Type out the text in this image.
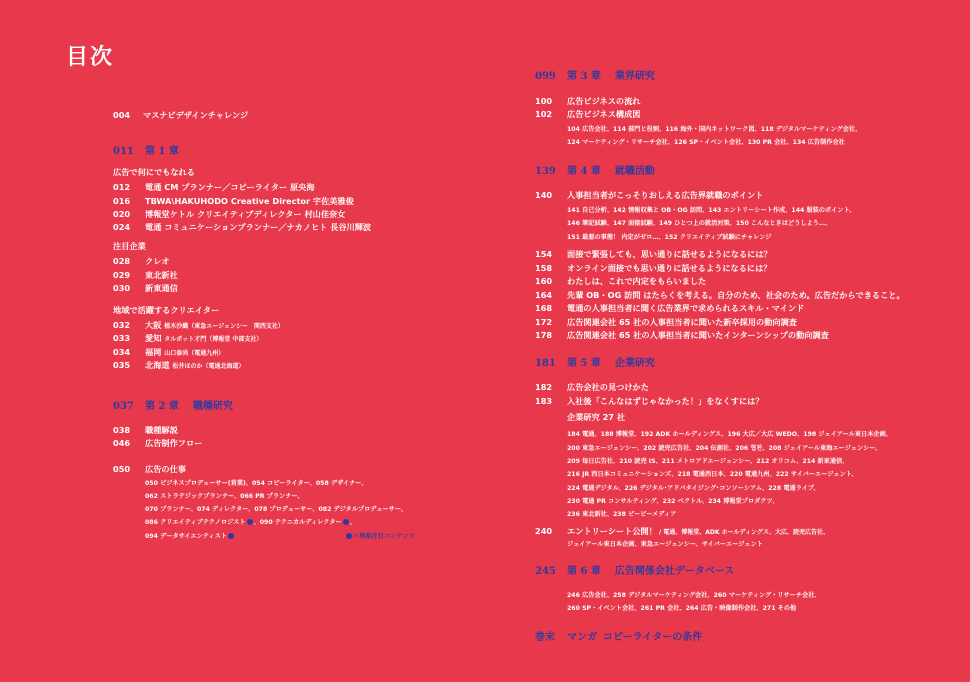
目次
004 マスナビデザインチャレンジ
011 第 1 章
広告で何にでもなれる
012 電通 CM プランナー／コピーライター 原央海
016 TBWA\HAKUHODO Creative Director 宇佐美雅俊
020 博報堂ケトル クリエイティブディレクター 村山佳奈女
024 電通 コミュニケーションプランナー／ナカノヒト 長谷川輝波
注目企業
028 クレオ
029 東北新社
030 新東通信
地域で活躍するクリエイター
032 大阪 植木沙織（東急エージェンシー　関西支社）
033 愛知 タルポット才門（博報堂 中部支社）
034 福岡 山口泰尚（電通九州）
035 北海道 松井ほのか（電通北海道）
037 第 2 章 職種研究
038 職種解説
046 広告制作フロー
050 広告の仕事
050 ビジネスプロデューサー(営業)、054 コピーライター、058 デザイナー、
062 ストラテジックプランナー、066 PR プランナー、
070 プランナー、074 ディレクター、078 プロデューサー、082 デジタルプロデューサー、
086 クリエイティブテクノロジスト 、090 テクニカルディレクター 、
094 データサイエンティスト	＝理系注目コンテンツ
099 第 3 章 業界研究
100 広告ビジネスの流れ
102 広告ビジネス構成図
104 広告会社、114 部門と役割、116 海外・国内ネットワーク図、118 デジタルマーケティング会社、
124 マーケティング・リサーチ会社、126 SP・イベント会社、130 PR 会社、134 広告制作会社
139 第 4 章 就職活動
140 人事担当者がこっそりおしえる広告界就職のポイント
141 自己分析、142 情報収集と OB・OG 訪問、143 エントリーシート作成、144 服装のポイント、
146 筆記試験、147 面接試験、149 ひとつ上の就活対策、150 こんなときはどうしよう…、
151 最悪の事態！ 内定がゼロ…、152 クリエイティブ試験にチャレンジ
154 面接で緊張しても、思い通りに話せるようになるには？
158 オンライン面接でも思い通りに話せるようになるには？
160 わたしは、これで内定をもらいました
164 先輩 OB・OG 訪問 はたらくを考える。自分のため、社会のため。広告だからできること。
168 電通の人事担当者に聞く広告業界で求められるスキル・マインド
172 広告関連会社 65 社の人事担当者に聞いた新卒採用の動向調査
178 広告関連会社 65 社の人事担当者に聞いたインターンシップの動向調査
181 第 5 章 企業研究
182 広告会社の見つけかた
183 入社後「こんなはずじゃなかった！」をなくすには？
企業研究 27 社
184 電通、188 博報堂、192 ADK ホールディングス、196 大広／大広 WEDO、198 ジェイアール東日本企画、
200 東急エージェンシー、202 読売広告社、204 伝創社、206 협찬、208 ジェイアール東海エージェンシー、
209 毎日広告社、210 読売 IS、211 メトロアドエージェンシー、212 オリコム、214 新東通信、
216 JR 西日本コミュニケーションズ、218 電通西日本、220 電通九州、222 サイバーエージェント、
224 電通デジタル、226 デジタル･アドバタイジング･コンソーシアム、228 電通ライブ、
230 電通 PR コンサルティング、232 ベクトル、234 博報堂プロダクツ、
236 東北新社、238 ピービーメディア
240 エントリーシート公開！ / 電通、博報堂、ADK ホールディングス、大広、読売広告社、
ジェイアール東日本企画、東急エージェンシー、サイバーエージェント
245 第 6 章 広告関係会社データベース
246 広告会社、258 デジタルマーケティング会社、260 マーケティング・リサーチ会社、
260 SP・イベント会社、261 PR 会社、264 広告・映像制作会社、271 その他
巻末 マンガ コピーライターの条件
